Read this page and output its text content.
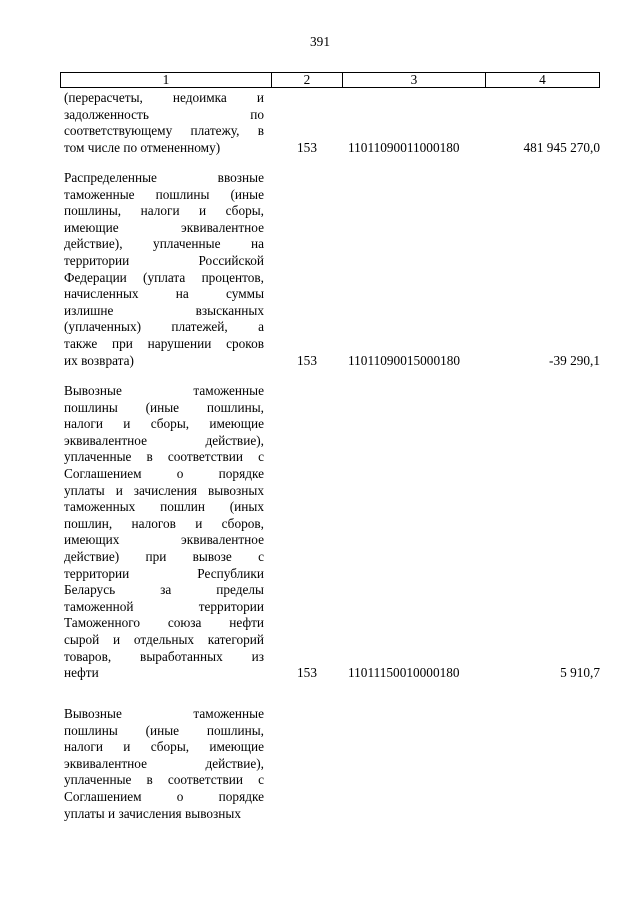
391
1	2	3	4
(перерасчеты, недоимка и
задолженность по
соответствующему платежу, в
том числе по отмененному)	153 11011090011000180	481 945 270,0
Распределенные ввозные
таможенные пошлины (иные
пошлины, налоги и сборы,
имеющие эквивалентное
действие), уплаченные на
территории Российской
Федерации (уплата процентов,
начисленных на суммы
излишне взысканных
(уплаченных) платежей, а
также при нарушении сроков
их возврата)	153 11011090015000180	-39 290,1
Вывозные таможенные
пошлины (иные пошлины,
налоги и сборы, имеющие
эквивалентное действие),
уплаченные в соответствии с
Соглашением о порядке
уплаты и зачисления вывозных
таможенных пошлин (иных
пошлин, налогов и сборов,
имеющих эквивалентное
действие) при вывозе с
территории Республики
Беларусь за пределы
таможенной территории
Таможенного союза нефти
сырой и отдельных категорий
товаров, выработанных из
нефти	153 11011150010000180	5 910,7
Вывозные таможенные
пошлины (иные пошлины,
налоги и сборы, имеющие
эквивалентное действие),
уплаченные в соответствии с
Соглашением о порядке
уплаты и зачисления вывозных
